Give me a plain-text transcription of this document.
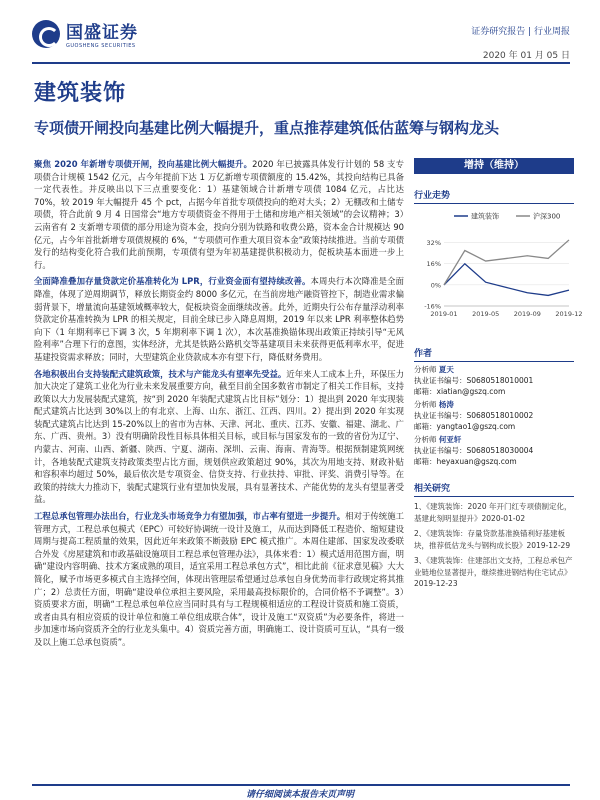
国盛证券
GUOSHENG SECURITIES
证券研究报告 | 行业周报
2020 年 01 月 05 日
建筑装饰
专项债开闸投向基建比例大幅提升，重点推荐建筑低估蓝筹与钢构龙头

聚焦 2020 年新增专项债开闸，投向基建比例大幅提升。2020 年已披露具体发行计划的 58 支专项债合计规模 1542 亿元，占今年提前下达 1 万亿新增专项债额度的 15.42%，其投向结构已具备一定代表性。并反映出以下三点重要变化：1）基建领域合计新增专项债 1084 亿元，占比达 70%，较 2019 年大幅提升 45 个 pct，占据今年首批专项债投向的绝对大头；2）无棚改和土储专项债，符合此前 9 月 4 日国常会“地方专项债资金不得用于土储和房地产相关领域”的会议精神；3）云南省有 2 支新增专项债的部分用途为资本金，投向分别为铁路和收费公路，资本金合计规模达 90 亿元，占今年首批新增专项债规模的 6%，“专项债可作重大项目资本金”政策持续推进。当前专项债发行的结构变化符合我们此前预期，专项债有望为年初基建提供积极动力，促板块基本面进一步上行。

全面降准叠加存量贷款定价基准转化为 LPR，行业资金面有望持续改善。本周央行本次降准是全面降准，体现了逆周期调节，释放长期资金约 8000 多亿元，在当前房地产融资管控下，制造业需求偏弱背景下，增量流向基建领域概率较大，促板块资金面继续改善。此外，近期央行公布存量浮动利率贷款定价基准转换为 LPR 的相关规定，目前全球已步入降息周期，2019 年以来 LPR 利率整体趋势向下（1 年期利率已下调 3 次，5 年期利率下调 1 次），本次基准换锚体现出政策正持续引导“无风险利率”合理下行的意图，实体经济，尤其是铁路公路机交等基建项目未来获得更低利率水平，促进基建投资需求释放；同时，大型建筑企业贷款成本亦有望下行，降低财务费用。

各地积极出台支持装配式建筑政策，技术与产能龙头有望率先受益。近年来人工成本上升，环保压力加大决定了建筑工业化为行业未来发展重要方向，截至目前全国多数省市制定了相关工作目标，支持政策以大力发展装配式建筑，按“到 2020 年装配式建筑占比目标”划分：1）提出到 2020 年实现装配式建筑占比达到 30%以上的有北京、上海、山东、浙江、江西、四川。2）提出到 2020 年实现装配式建筑占比达到 15-20%以上的省市为吉林、天津、河北、重庆、江苏、安徽、福建、湖北、广东、广西、贵州。3）没有明确阶段性目标具体相关目标，或目标与国家发布的一致的省份为辽宁、内蒙古、河南、山西、新疆、陕西、宁夏、湖南、深圳、云南、海南、青海等。根据预制建筑网统计，各地装配式建筑支持政策类型占比方面，规划供应政策超过 90%，其次为用地支持、财政补贴和容积率均超过 50%，最后依次是专项资金、信贷支持、行业扶持、审批、评奖、消费引导等。在政策的持续大力推动下，装配式建筑行业有望加快发展，具有显著技术、产能优势的龙头有望显著受益。

工程总承包管理办法出台，行业龙头市场竞争力有望加强，市占率有望进一步提升。相对于传统施工管理方式，工程总承包模式（EPC）可较好协调统一设计及施工，从而达到降低工程造价、缩短建设周期与提高工程质量的效果，因此近年来政策不断鼓励 EPC 模式推广。本周住建部、国家发改委联合外发《房屋建筑和市政基础设施项目工程总承包管理办法》，具体来看：1）模式适用范围方面，明确“建设内容明确、技术方案成熟的项目，适宜采用工程总承包方式”，相比此前《征求意见稿》大大简化，赋予市场更多模式自主选择空间，体现出管理层希望通过总承包自身优势而非行政规定将其推广；2）总责任方面，明确“建设单位承担主要风险，采用最高投标限价的，合同价格不予调整”。3）资质要求方面，明确“工程总承包单位应当同时具有与工程规模相适应的工程设计资质和施工资质，或者由具有相应资质的设计单位和施工单位组成联合体”，设计及施工“双资质”为必要条件，将进一步加速市场向资质齐全的行业龙头集中。4）资质完善方面，明确施工、设计资质可互认，“具有一级及以上施工总承包资质”。

增持（维持）
行业走势
建筑装饰	沪深300
32%
16%
0%
-16%
2019-01 2019-05 2019-09 2019-12
作者
分析师 夏天
执业证书编号：S0680518010001
邮箱：xiatian@gszq.com
分析师 杨涛
执业证书编号：S0680518010002
邮箱：yangtao1@gszq.com
分析师 何亚轩
执业证书编号：S0680518030004
邮箱：heyaxuan@gszq.com
相关研究
1、《建筑装饰：2020 年开门红专项债制定化，基建此刻明显提升》2020-01-02
2、《建筑装饰：存量贷款基准换锚利好基建板块，推荐低估龙头与钢构成长股》2019-12-29
3、《建筑装饰：住建部出文支持，工程总承包产业链地位显著提升，继续推进钢结构住宅试点》2019-12-23
请仔细阅读本报告末页声明
